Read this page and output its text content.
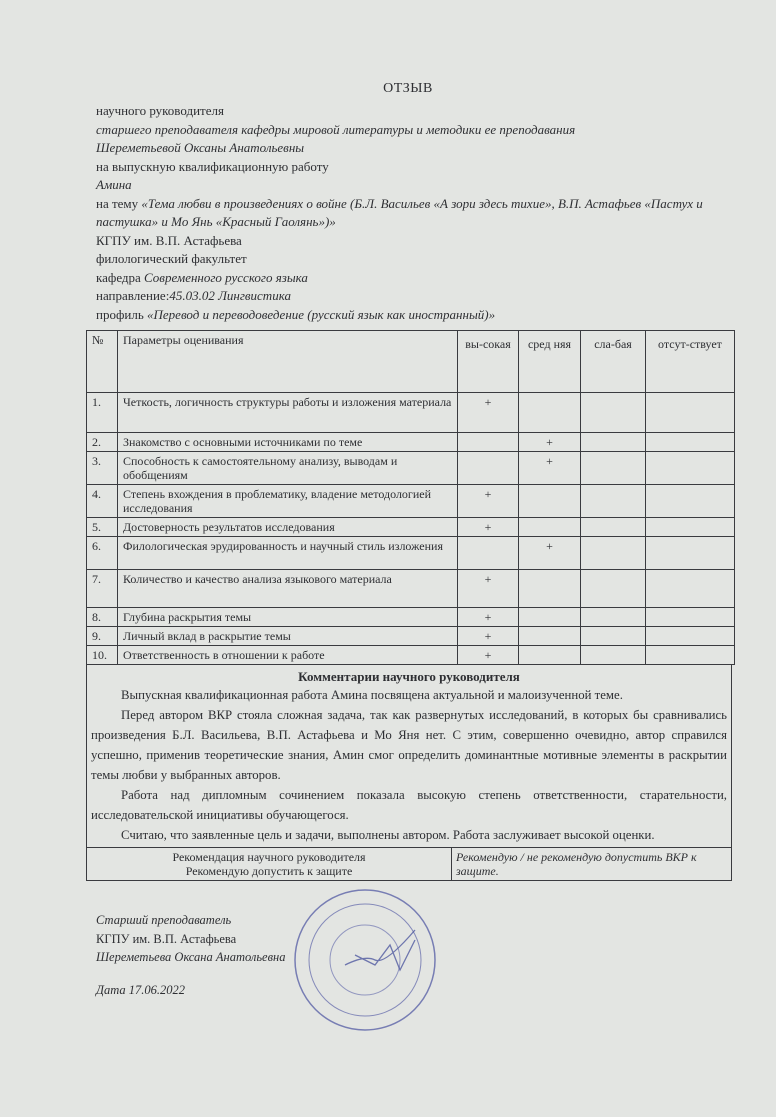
ОТЗЫВ
научного руководителя
старшего преподавателя кафедры мировой литературы и методики ее преподавания
Шереметьевой Оксаны Анатольевны
на выпускную квалификационную работу
Амина
на тему «Тема любви в произведениях о войне (Б.Л. Васильев «А зори здесь тихие», В.П. Астафьев «Пастух и пастушка» и Мо Янь «Красный Гаолянь»)»
КГПУ им. В.П. Астафьева
филологический факультет
кафедра Современного русского языка
направление:45.03.02 Лингвистика
профиль «Перевод и переводоведение (русский язык как иностранный)»
№	Параметры оценивания	вы-сокая	сред няя	сла-бая	отсут-ствует
1.	Четкость, логичность структуры работы и изложения материала	+			
2.	Знакомство с основными источниками по теме		+		
3.	Способность к самостоятельному анализу, выводам и обобщениям		+		
4.	Степень вхождения в проблематику, владение методологией исследования	+			
5.	Достоверность результатов исследования	+			
6.	Филологическая эрудированность и научный стиль изложения		+		
7.	Количество и качество анализа языкового материала	+			
8.	Глубина раскрытия темы	+			
9.	Личный вклад в раскрытие темы	+			
10.	Ответственность в отношении к работе	+			
Комментарии научного руководителя

Выпускная квалификационная работа Амина посвящена актуальной и малоизученной теме.

Перед автором ВКР стояла сложная задача, так как развернутых исследований, в которых бы сравнивались произведения Б.Л. Васильева, В.П. Астафьева и Мо Яня нет. С этим, совершенно очевидно, автор справился успешно, применив теоретические знания, Амин смог определить доминантные мотивные элементы в раскрытии темы любви у выбранных авторов.

Работа над дипломным сочинением показала высокую степень ответственности, старательности, исследовательской инициативы обучающегося.

Считаю, что заявленные цель и задачи, выполнены автором. Работа заслуживает высокой оценки.

Рекомендация научного руководителя
Рекомендую допустить к защите
Рекомендую / не рекомендую допустить ВКР к защите.
Старший преподаватель
КГПУ им. В.П. Астафьева
Шереметьева Оксана Анатольевна
Дата 17.06.2022
